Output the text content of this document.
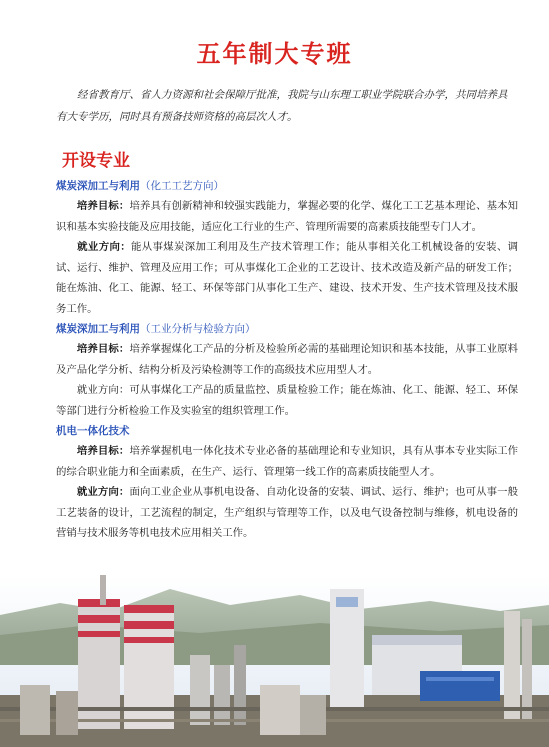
五年制大专班
经省教育厅、省人力资源和社会保障厅批准，我院与山东理工职业学院联合办学，共同培养具有大专学历，同时具有预备技师资格的高层次人才。
开设专业
煤炭深加工与利用（化工工艺方向）

培养目标：培养具有创新精神和较强实践能力，掌握必要的化学、煤化工工艺基本理论、基本知识和基本实验技能及应用技能，适应化工行业的生产、管理所需要的高素质技能型专门人才。

就业方向：能从事煤炭深加工利用及生产技术管理工作；能从事相关化工机械设备的安装、调试、运行、维护、管理及应用工作；可从事煤化工企业的工艺设计、技术改造及新产品的研发工作；能在炼油、化工、能源、轻工、环保等部门从事化工生产、建设、技术开发、生产技术管理及技术服务工作。

煤炭深加工与利用（工业分析与检验方向）

培养目标：培养掌握煤化工产品的分析及检验所必需的基础理论知识和基本技能，从事工业原料及产品化学分析、结构分析及污染检测等工作的高级技术应用型人才。

就业方向：可从事煤化工产品的质量监控、质量检验工作；能在炼油、化工、能源、轻工、环保等部门进行分析检验工作及实验室的组织管理工作。

机电一体化技术

培养目标：培养掌握机电一体化技术专业必备的基础理论和专业知识，具有从事本专业实际工作的综合职业能力和全面素质，在生产、运行、管理第一线工作的高素质技能型人才。

就业方向：面向工业企业从事机电设备、自动化设备的安装、调试、运行、维护；也可从事一般工艺装备的设计，工艺流程的制定，生产组织与管理等工作，以及电气设备控制与维修，机电设备的营销与技术服务等机电技术应用相关工作。
